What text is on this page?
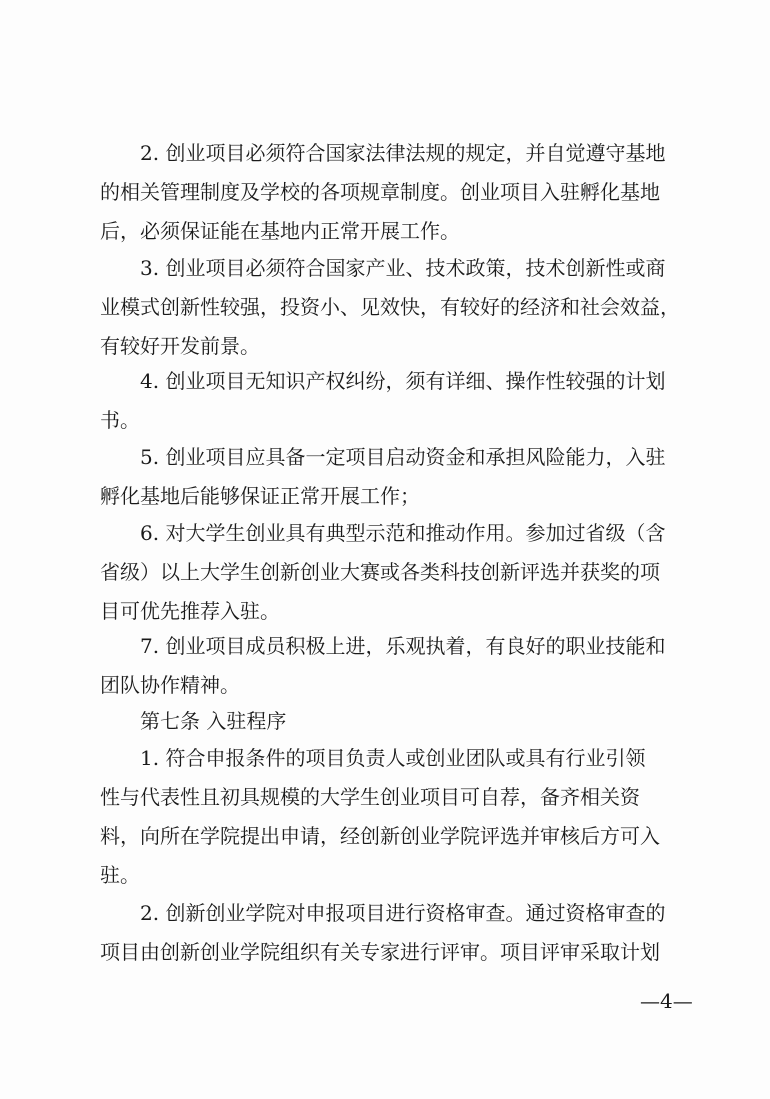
2. 创业项目必须符合国家法律法规的规定，并自觉遵守基地
的相关管理制度及学校的各项规章制度。创业项目入驻孵化基地
后，必须保证能在基地内正常开展工作。

3. 创业项目必须符合国家产业、技术政策，技术创新性或商
业模式创新性较强，投资小、见效快，有较好的经济和社会效益，
有较好开发前景。

4. 创业项目无知识产权纠纷，须有详细、操作性较强的计划
书。

5. 创业项目应具备一定项目启动资金和承担风险能力，入驻
孵化基地后能够保证正常开展工作；

6. 对大学生创业具有典型示范和推动作用。参加过省级（含
省级）以上大学生创新创业大赛或各类科技创新评选并获奖的项
目可优先推荐入驻。

7. 创业项目成员积极上进，乐观执着，有良好的职业技能和
团队协作精神。

第七条 入驻程序

1. 符合申报条件的项目负责人或创业团队或具有行业引领
性与代表性且初具规模的大学生创业项目可自荐，备齐相关资
料，向所在学院提出申请，经创新创业学院评选并审核后方可入
驻。

2. 创新创业学院对申报项目进行资格审查。通过资格审查的
项目由创新创业学院组织有关专家进行评审。项目评审采取计划

—4—
